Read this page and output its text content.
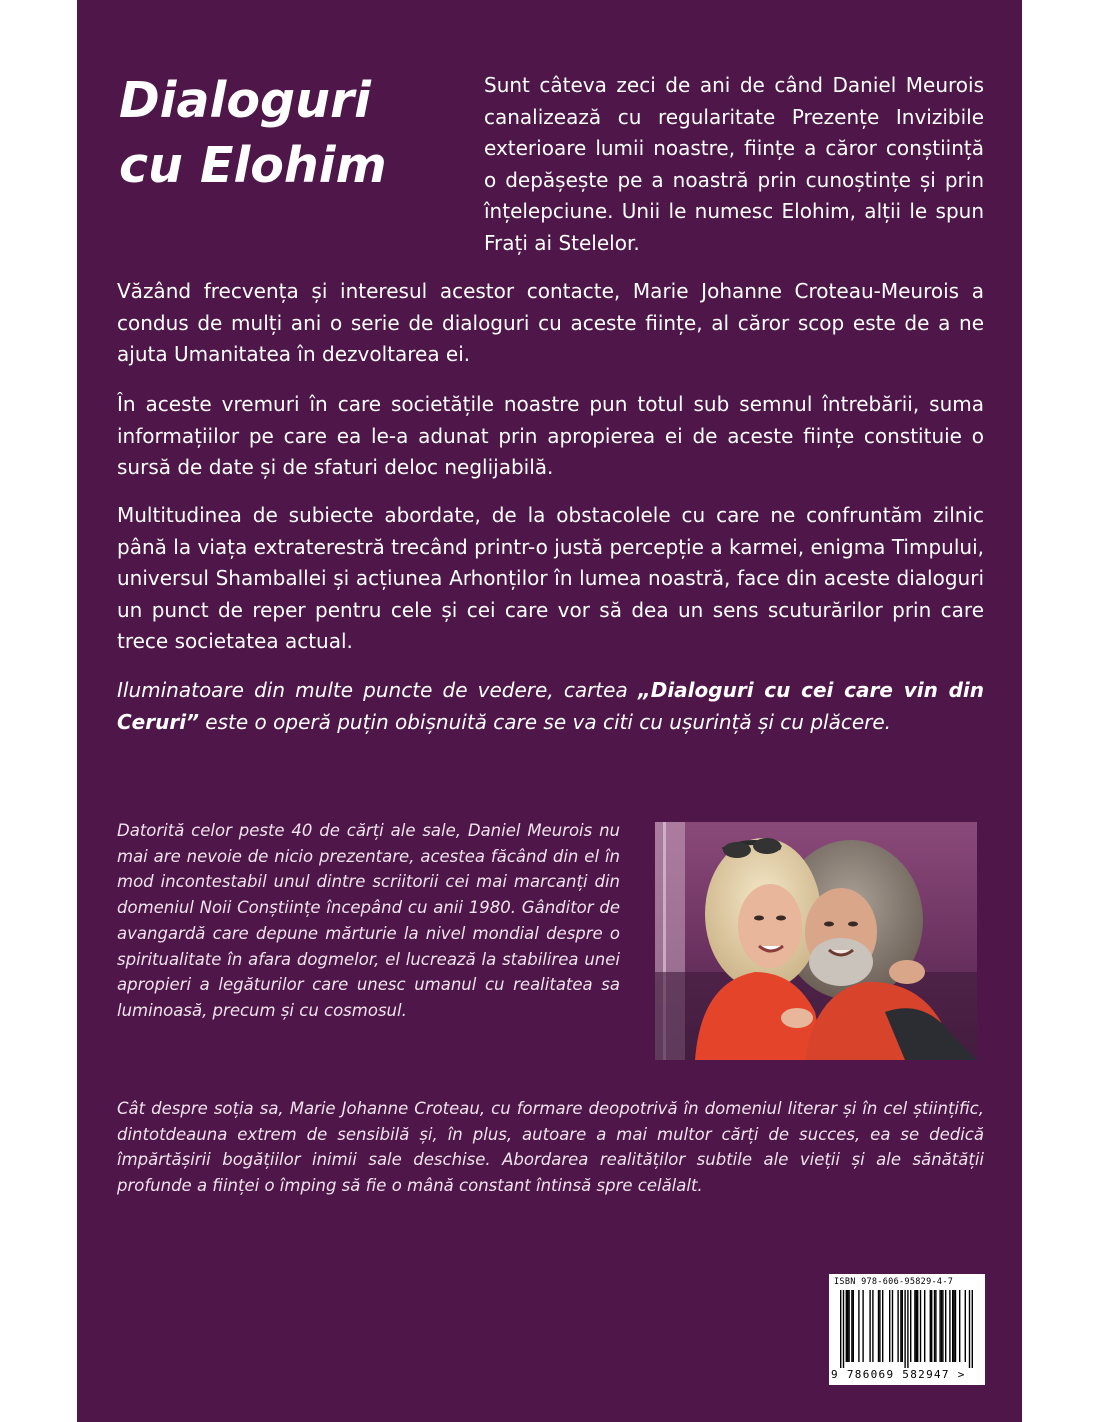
Dialoguri
cu Elohim

Sunt câteva zeci de ani de când Daniel Meurois canalizează cu regularitate Prezențe Invizibile exterioare lumii noastre, ființe a căror conștiință o depășește pe a noastră prin cunoștințe și prin înțelepciune. Unii le numesc Elohim, alții le spun Frați ai Stelelor.

Văzând frecvența și interesul acestor contacte, Marie Johanne Croteau-Meurois a condus de mulți ani o serie de dialoguri cu aceste ființe, al căror scop este de a ne ajuta Umanitatea în dezvoltarea ei.

În aceste vremuri în care societățile noastre pun totul sub semnul întrebării, suma informațiilor pe care ea le-a adunat prin apropierea ei de aceste ființe constituie o sursă de date și de sfaturi deloc neglijabilă.

Multitudinea de subiecte abordate, de la obstacolele cu care ne confruntăm zilnic până la viața extraterestră trecând printr-o justă percepție a karmei, enigma Timpului, universul Shamballei și acțiunea Arhonților în lumea noastră, face din aceste dialoguri un punct de reper pentru cele și cei care vor să dea un sens scuturărilor prin care trece societatea actual.

Iluminatoare din multe puncte de vedere, cartea „Dialoguri cu cei care vin din Ceruri” este o operă puțin obișnuită care se va citi cu ușurință și cu plăcere.

Datorită celor peste 40 de cărți ale sale, Daniel Meurois nu mai are nevoie de nicio prezentare, acestea făcând din el în mod incontestabil unul dintre scriitorii cei mai marcanți din domeniul Noii Conștiințe începând cu anii 1980. Gânditor de avangardă care depune mărturie la nivel mondial despre o spiritualitate în afara dogmelor, el lucrează la stabilirea unei apropieri a legăturilor care unesc umanul cu realitatea sa luminoasă, precum și cu cosmosul.

Cât despre soția sa, Marie Johanne Croteau, cu formare deopotrivă în domeniul literar și în cel științific, dintotdeauna extrem de sensibilă și, în plus, autoare a mai multor cărți de succes, ea se dedică împărtășirii bogățiilor inimii sale deschise. Abordarea realităților subtile ale vieții și ale sănătății profunde a ființei o împing să fie o mână constant întinsă spre celălalt.

ISBN 978-606-95829-4-7
9 786069 582947 >
